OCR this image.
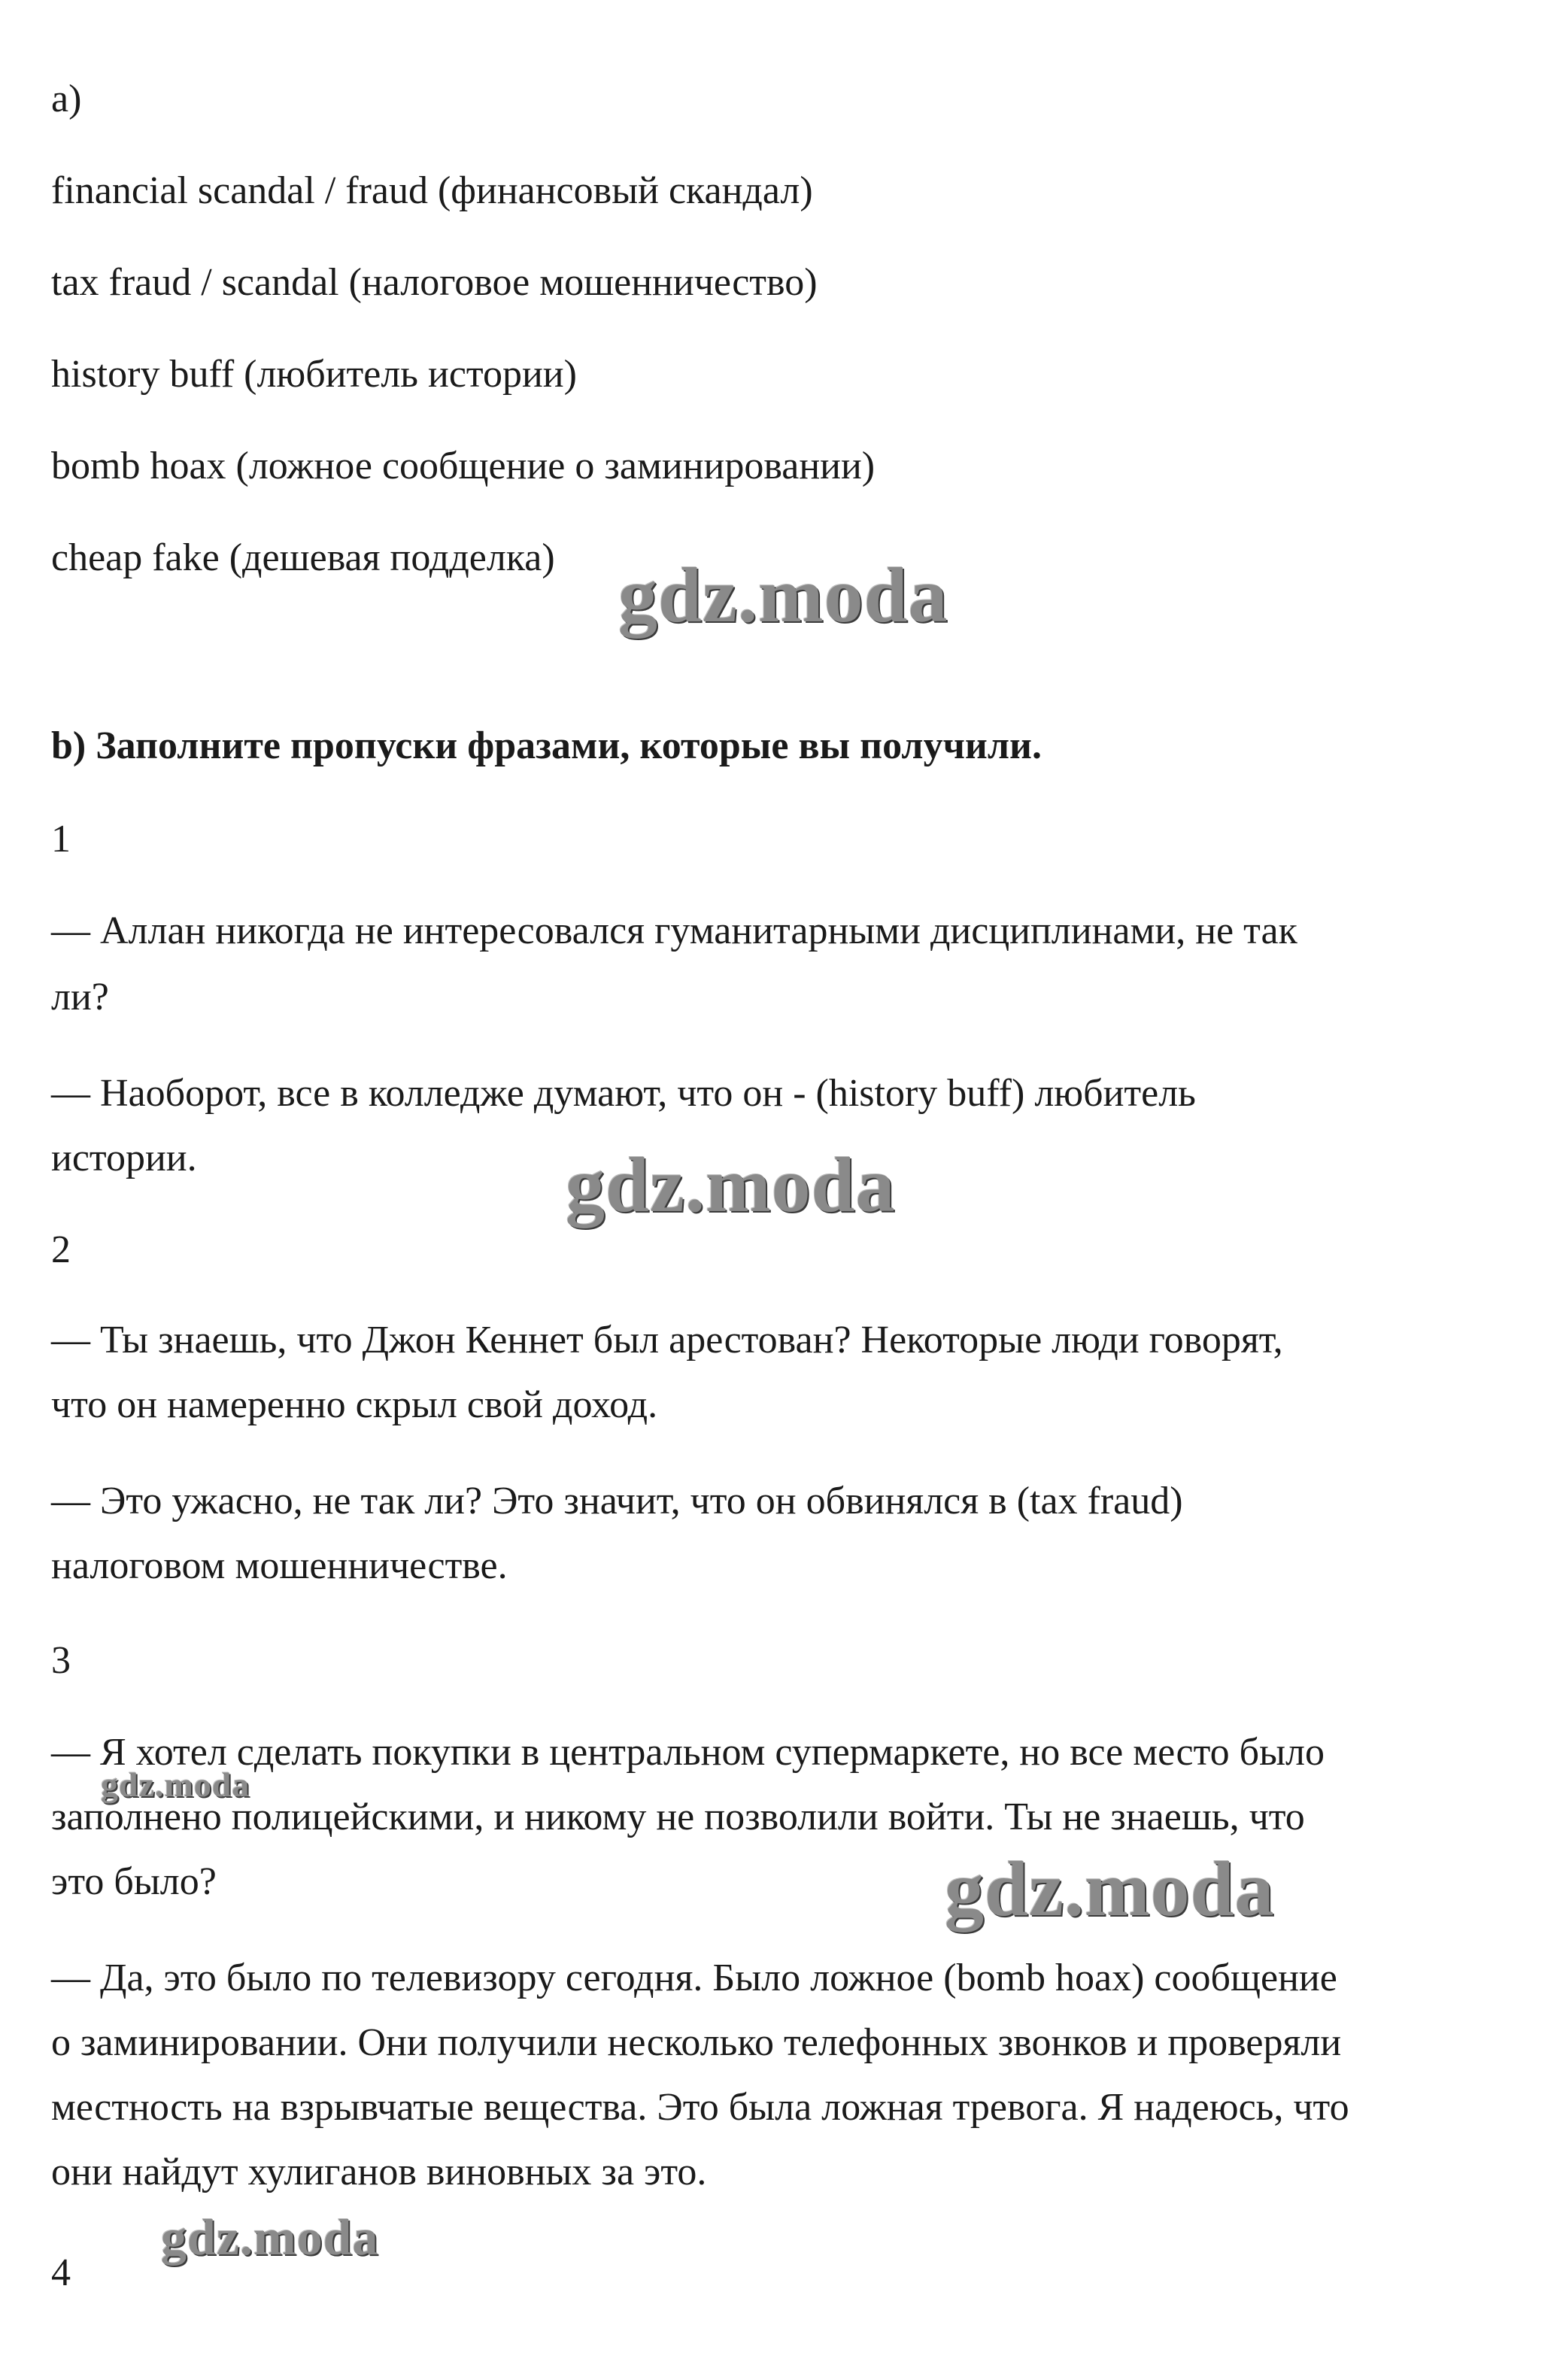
a)
financial scandal / fraud (финансовый скандал)
tax fraud / scandal (налоговое мошенничество)
history buff (любитель истории)
bomb hoax (ложное сообщение о заминировании)
cheap fake (дешевая подделка)
b) Заполните пропуски фразами, которые вы получили.
1
— Аллан никогда не интересовался гуманитарными дисциплинами, не так
ли?
— Наоборот, все в колледже думают, что он - (history buff) любитель
истории.
2
— Ты знаешь, что Джон Кеннет был арестован? Некоторые люди говорят,
что он намеренно скрыл свой доход.
— Это ужасно, не так ли? Это значит, что он обвинялся в (tax fraud)
налоговом мошенничестве.
3
— Я хотел сделать покупки в центральном супермаркете, но все место было
заполнено полицейскими, и никому не позволили войти. Ты не знаешь, что
это было?
— Да, это было по телевизору сегодня. Было ложное (bomb hoax) сообщение
о заминировании. Они получили несколько телефонных звонков и проверяли
местность на взрывчатые вещества. Это была ложная тревога. Я надеюсь, что
они найдут хулиганов виновных за это.
4
gdz.moda
gdz.moda
gdz.moda
gdz.moda
gdz.moda
